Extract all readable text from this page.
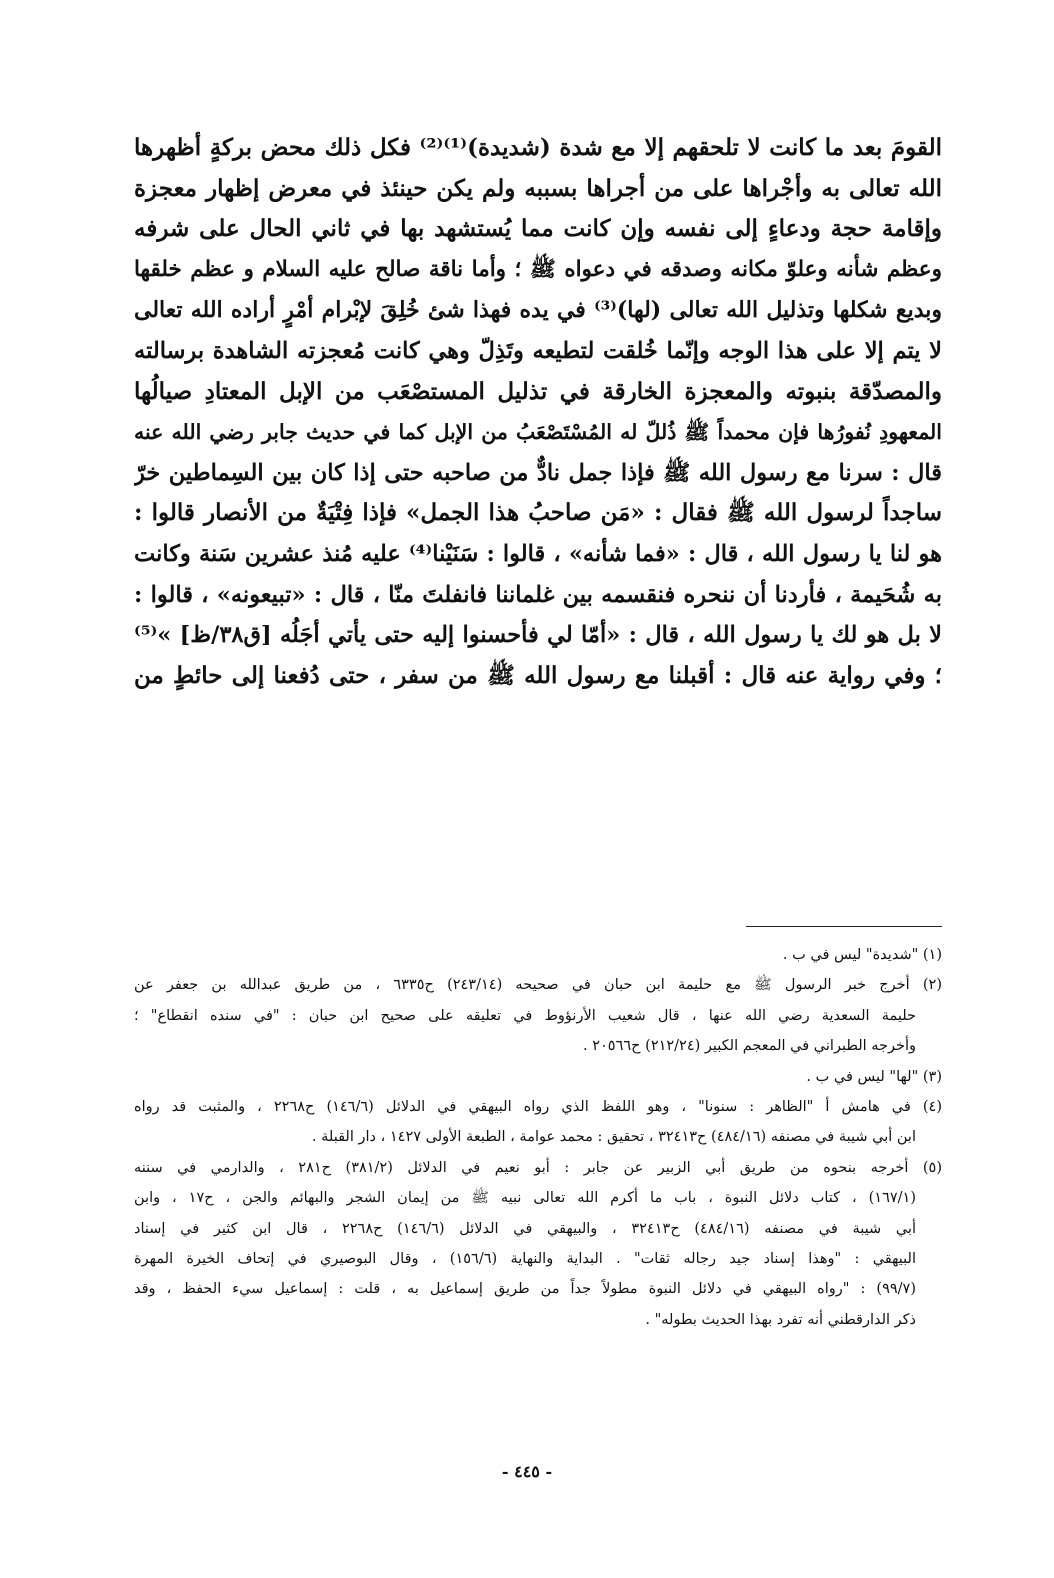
القومَ بعد ما كانت لا تلحقهم إلا مع شدة (شديدة)⁽¹⁾⁽²⁾ فكل ذلك محض بركةٍ أظهرها
الله تعالى به وأجْراها على من أجراها بسببه ولم يكن حينئذ في معرض إظهار معجزة
وإقامة حجة ودعاءٍ إلى نفسه وإن كانت مما يُستشهد بها في ثاني الحال على شرفه
وعظم شأنه وعلوّ مكانه وصدقه في دعواه ﷺ ؛ وأما ناقة صالح عليه السلام و عظم خلقها
وبديع شكلها وتذليل الله تعالى (لها)⁽³⁾ في يده فهذا شئ خُلِقَ لإبْرام أمْرٍ أراده الله تعالى
لا يتم إلا على هذا الوجه وإنّما خُلقت لتطيعه وتَذِلّ وهي كانت مُعجزته الشاهدة برسالته
والمصدّقة بنبوته والمعجزة الخارقة في تذليل المستصْعَب من الإبل المعتادِ صيالُها
المعهودِ نُفورُها فإن محمداً ﷺ ذُللّ له المُسْتَصْعَبُ من الإبل كما في حديث جابر رضي الله عنه
قال : سرنا مع رسول الله ﷺ فإذا جمل نادٌّ من صاحبه حتى إذا كان بين السِماطين خرّ
ساجداً لرسول الله ﷺ فقال : «مَن صاحبُ هذا الجمل» فإذا فِتْيَةٌ من الأنصار قالوا :
هو لنا يا رسول الله ، قال : «فما شأنه» ، قالوا : سَنَيْنا⁽⁴⁾ عليه مُنذ عشرين سَنة وكانت
به شُحَيمة ، فأردنا أن ننحره فنقسمه بين غلماننا فانفلتَ منّا ، قال : «تبيعونه» ، قالوا :
لا بل هو لك يا رسول الله ، قال : «أمّا لي فأحسنوا إليه حتى يأتي أجَلُه [ق٣٨/ظ] »⁽⁵⁾
؛ وفي رواية عنه قال : أقبلنا مع رسول الله ﷺ من سفر ، حتى دُفعنا إلى حائطٍ من
(١) "شديدة" ليس في ب .
(٢) أخرج خبر الرسول ﷺ مع حليمة ابن حبان في صحيحه (٢٤٣/١٤) ح٦٣٣٥ ، من طريق عبدالله بن جعفر عن
حليمة السعدية رضي الله عنها ، قال شعيب الأرنؤوط في تعليقه على صحيح ابن حبان : "في سنده انقطاع" ؛
وأخرجه الطبراني في المعجم الكبير (٢١٢/٢٤) ح٢٠٥٦٦ .
(٣) "لها" ليس في ب .
(٤) في هامش أ "الظاهر : سنونا" ، وهو اللفظ الذي رواه البيهقي في الدلائل (١٤٦/٦) ح٢٢٦٨ ، والمثبت قد رواه
ابن أبي شيبة في مصنفه (٤٨٤/١٦) ح٣٢٤١٣ ، تحقيق : محمد عوامة ، الطبعة الأولى ١٤٢٧ ، دار القبلة .
(٥) أخرجه بنحوه من طريق أبي الزبير عن جابر : أبو نعيم في الدلائل (٣٨١/٢) ح٢٨١ ، والدارمي في سننه
(١٦٧/١) ، كتاب دلائل النبوة ، باب ما أكرم الله تعالى نبيه ﷺ من إيمان الشجر والبهائم والجن ، ح١٧ ، وابن
أبي شيبة في مصنفه (٤٨٤/١٦) ح٣٢٤١٣ ، والبيهقي في الدلائل (١٤٦/٦) ح٢٢٦٨ ، قال ابن كثير في إسناد
البيهقي : "وهذا إسناد جيد رجاله ثقات" . البداية والنهاية (١٥٦/٦) ، وقال البوصيري في إتحاف الخيرة المهرة
(٩٩/٧) : "رواه البيهقي في دلائل النبوة مطولاً جداً من طريق إسماعيل به ، قلت : إسماعيل سيء الحفظ ، وقد
ذكر الدارقطني أنه تفرد بهذا الحديث بطوله" .
- ٤٤٥ -
